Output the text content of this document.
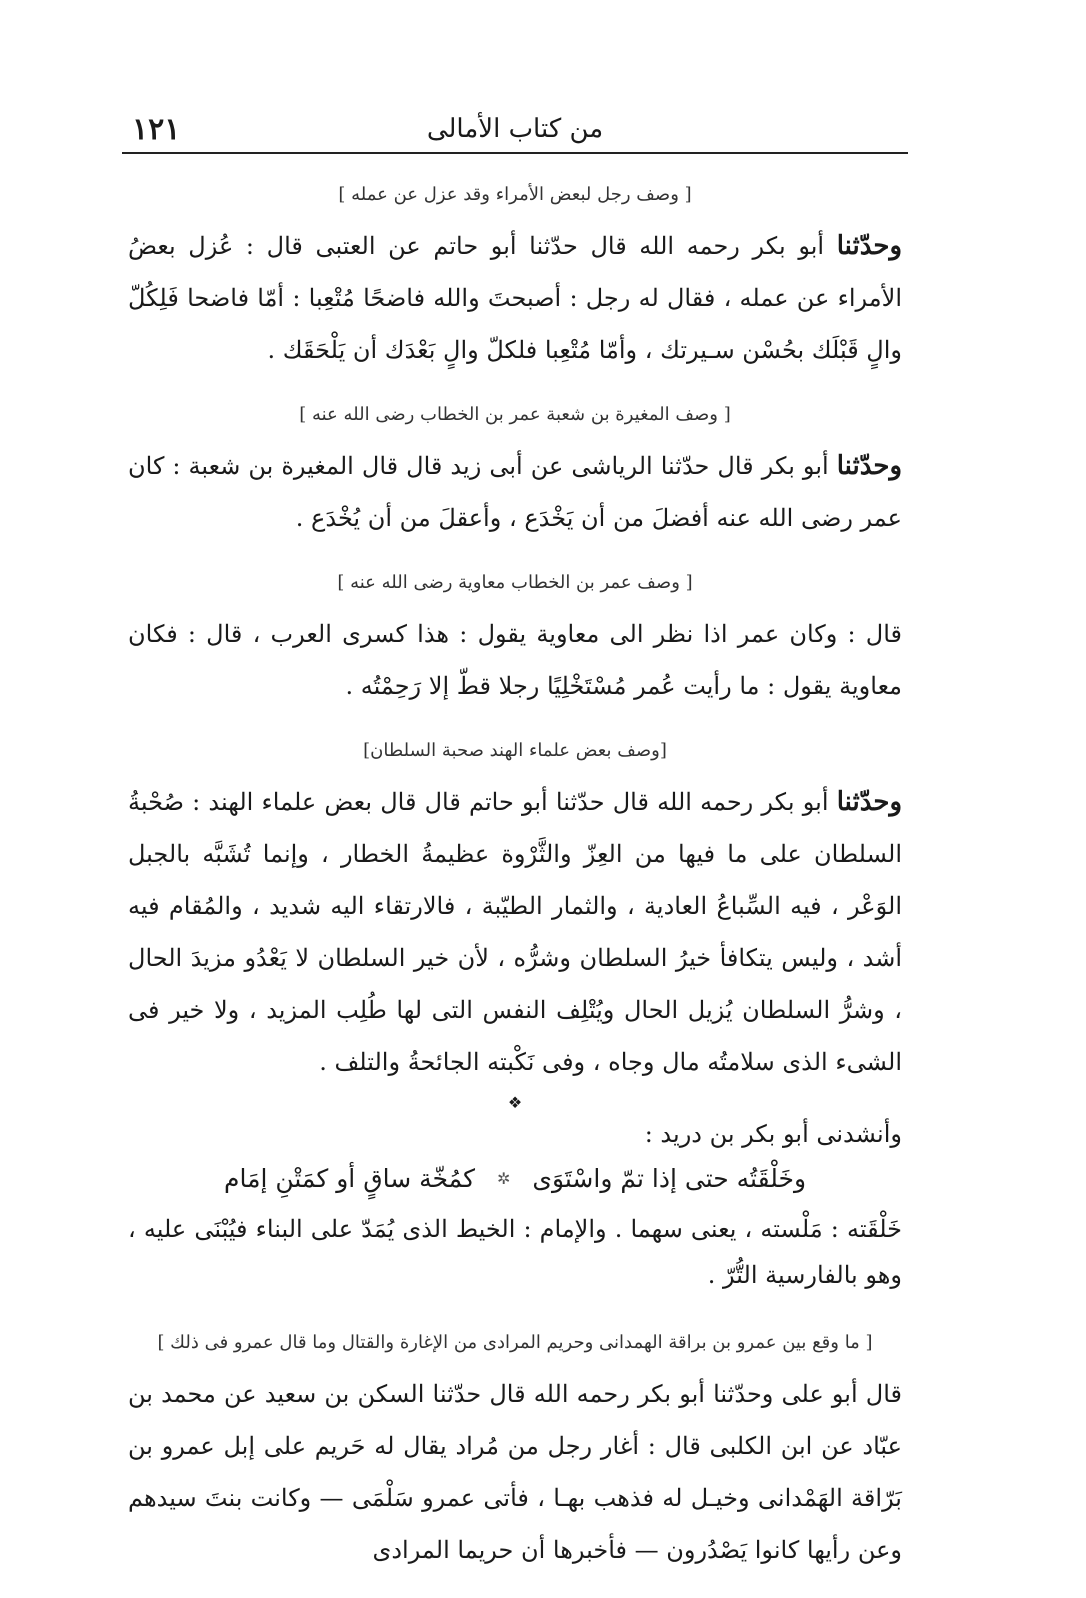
١٢١	من كتاب الأمالى
[ وصف رجل لبعض الأمراء وقد عزل عن عمله ]

وحدّثنا أبو بكر رحمه الله قال حدّثنا أبو حاتم عن العتبى قال : عُزل بعضُ الأمراء عن عمله ، فقال له رجل : أصبحتَ والله فاضحًا مُتْعِبا : أمّا فاضحا فَلِكُلّ والٍ قَبْلَك بحُسْن سـيرتك ، وأمّا مُتْعِبا فلكلّ والٍ بَعْدَك أن يَلْحَقَك .

[ وصف المغيرة بن شعبة عمر بن الخطاب رضى الله عنه ]

وحدّثنا أبو بكر قال حدّثنا الرياشى عن أبى زيد قال قال المغيرة بن شعبة : كان عمر رضى الله عنه أفضلَ من أن يَخْدَع ، وأعقلَ من أن يُخْدَع .

[ وصف عمر بن الخطاب معاوية رضى الله عنه ]

قال : وكان عمر اذا نظر الى معاوية يقول : هذا كسرى العرب ، قال : فكان معاوية يقول : ما رأيت عُمر مُسْتَخْلِيًا رجلا قطّ إلا رَحِمْتُه .

[وصف بعض علماء الهند صحبة السلطان]

وحدّثنا أبو بكر رحمه الله قال حدّثنا أبو حاتم قال قال بعض علماء الهند : صُحْبةُ السلطان على ما فيها من العِزّ والثَّرْوة عظيمةُ الخطار ، وإنما تُشَبَّه بالجبل الوَعْر ، فيه السِّباعُ العادية ، والثمار الطيّبة ، فالارتقاء اليه شديد ، والمُقام فيه أشد ، وليس يتكافأ خيرُ السلطان وشرُّه ، لأن خير السلطان لا يَعْدُو مزيدَ الحال ، وشرُّ السلطان يُزيل الحال ويُتْلِف النفس التى لها طُلِب المزيد ، ولا خير فى الشىء الذى سلامتُه مال وجاه ، وفى نَكْبته الجائحةُ والتلف .

❖

وأنشدنى أبو بكر بن دريد :

وخَلْقَتُه حتى إذا تمّ واسْتَوَى
✲
كمُخّة ساقٍ أو كمَتْنِ إمَام

خَلْقَته : مَلْسته ، يعنى سهما . والإمام : الخيط الذى يُمَدّ على البناء فيُبْنَى عليه ، وهو بالفارسية التُّرّ .

[ ما وقع بين عمرو بن براقة الهمدانى وحريم المرادى من الإغارة والقتال وما قال عمرو فى ذلك ]

قال أبو على وحدّثنا أبو بكر رحمه الله قال حدّثنا السكن بن سعيد عن محمد بن عبّاد عن ابن الكلبى قال : أغار رجل من مُراد يقال له حَريم على إبل عمرو بن بَرّاقة الهَمْدانى وخيـل له فذهب بهـا ، فأتى عمرو سَلْمَى — وكانت بنتَ سيدهم وعن رأيها كانوا يَصْدُرون — فأخبرها أن حريما المرادى
